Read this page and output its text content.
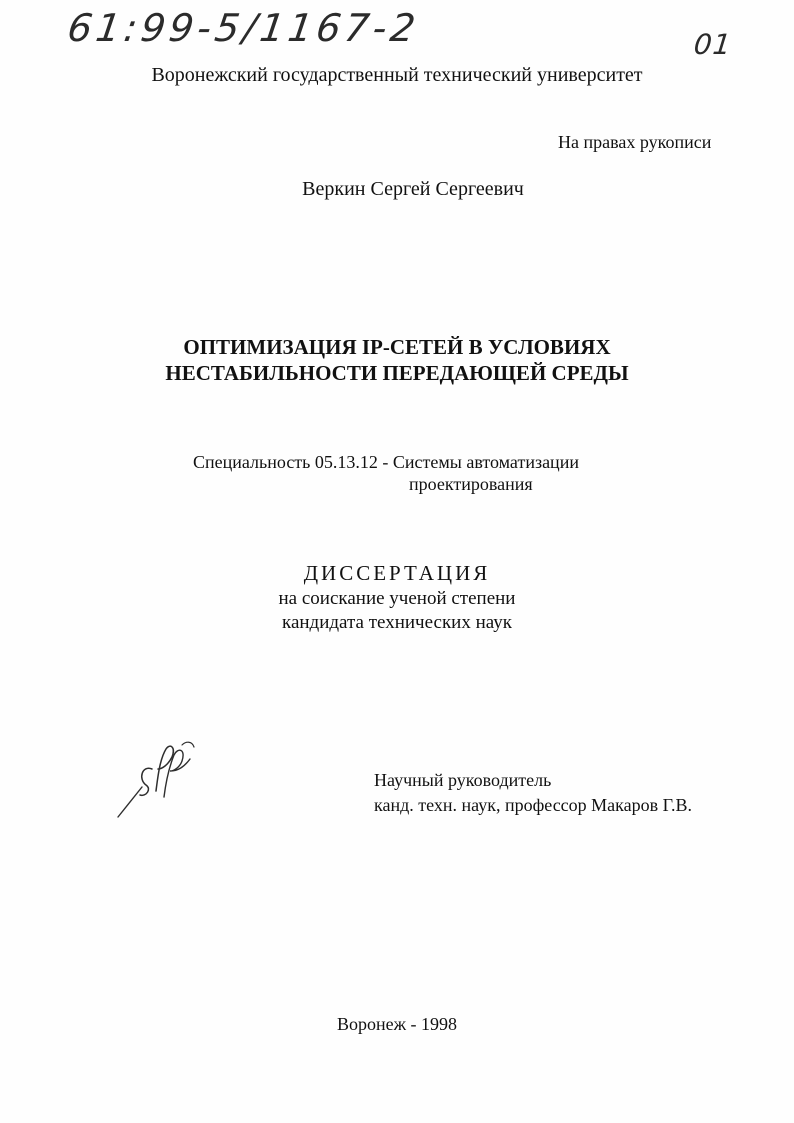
61:99-5/1167-2	01
Воронежский государственный технический университет
На правах рукописи
Веркин Сергей Сергеевич
ОПТИМИЗАЦИЯ IP-СЕТЕЙ В УСЛОВИЯХ
НЕСТАБИЛЬНОСТИ ПЕРЕДАЮЩЕЙ СРЕДЫ
Специальность 05.13.12 - Системы автоматизации
проектирования
ДИССЕРТАЦИЯ
на соискание ученой степени
кандидата технических наук
Научный руководитель
канд. техн. наук, профессор Макаров Г.В.
Воронеж - 1998
